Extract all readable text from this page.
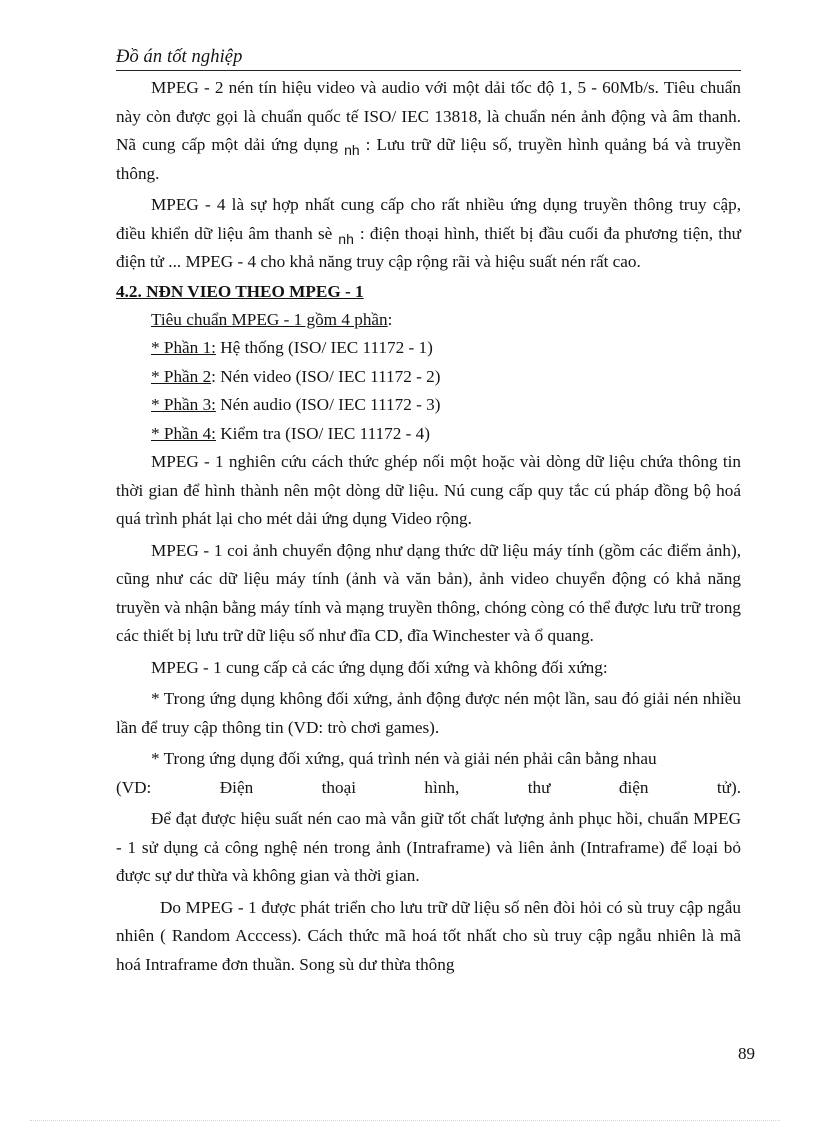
Đồ án tốt nghiệp

MPEG - 2 nén tín hiệu video và audio với một dải tốc độ 1, 5 - 60Mb/s. Tiêu chuẩn này còn được gọi là chuẩn quốc tế ISO/ IEC 13818, là chuẩn nén ảnh động và âm thanh. Nã cung cấp một dải ứng dụng $_{nh}$ : Lưu trữ dữ liệu số, truyền hình quảng bá và truyền thông.

MPEG - 4 là sự hợp nhất cung cấp cho rất nhiều ứng dụng truyền thông truy cập, điều khiển dữ liệu âm thanh sè $_{nh}$ : điện thoại hình, thiết bị đầu cuối đa phương tiện, thư điện tử ... MPEG - 4 cho khả năng truy cập rộng rãi và hiệu suất nén rất cao.

4.2. NÐN VIEO THEO MPEG - 1

Tiêu chuẩn MPEG - 1 gồm 4 phần:

* Phần 1: Hệ thống (ISO/ IEC 11172 - 1)

* Phần 2: Nén video (ISO/ IEC 11172 - 2)

* Phần 3: Nén audio (ISO/ IEC 11172 - 3)

* Phần 4: Kiểm tra (ISO/ IEC 11172 - 4)

MPEG - 1 nghiên cứu cách thức ghép nối một hoặc vài dòng dữ liệu chứa thông tin thời gian để hình thành nên một dòng dữ liệu. Nú cung cấp quy tắc cú pháp đồng bộ hoá quá trình phát lại cho mét dải ứng dụng Video rộng.

MPEG - 1 coi ảnh chuyển động như dạng thức dữ liệu máy tính (gồm các điểm ảnh), cũng như các dữ liệu máy tính (ảnh và văn bản), ảnh video chuyển động có khả năng truyền và nhận bằng máy tính và mạng truyền thông, chóng còng có thể được lưu trữ trong các thiết bị lưu trữ dữ liệu số như đĩa CD, đĩa Winchester và ổ quang.

MPEG - 1 cung cấp cả các ứng dụng đối xứng và không đối xứng:

* Trong ứng dụng không đối xứng, ảnh động được nén một lần, sau đó giải nén nhiều lần để truy cập thông tin (VD: trò chơi games).

* Trong ứng dụng đối xứng, quá trình nén và giải nén phải cân bằng nhau

(VD: Điện thoại hình, thư điện tử).

Để đạt được hiệu suất nén cao mà vẫn giữ tốt chất lượng ảnh phục hồi, chuẩn MPEG - 1 sử dụng cả công nghệ nén trong ảnh (Intraframe) và liên ảnh (Intraframe) để loại bỏ được sự dư thừa và không gian và thời gian.

Do MPEG - 1 được phát triển cho lưu trữ dữ liệu số nên đòi hỏi có sù truy cập ngẫu nhiên ( Random Acccess). Cách thức mã hoá tốt nhất cho sù truy cập ngẫu nhiên là mã hoá Intraframe đơn thuần. Song sù dư thừa thông

89
